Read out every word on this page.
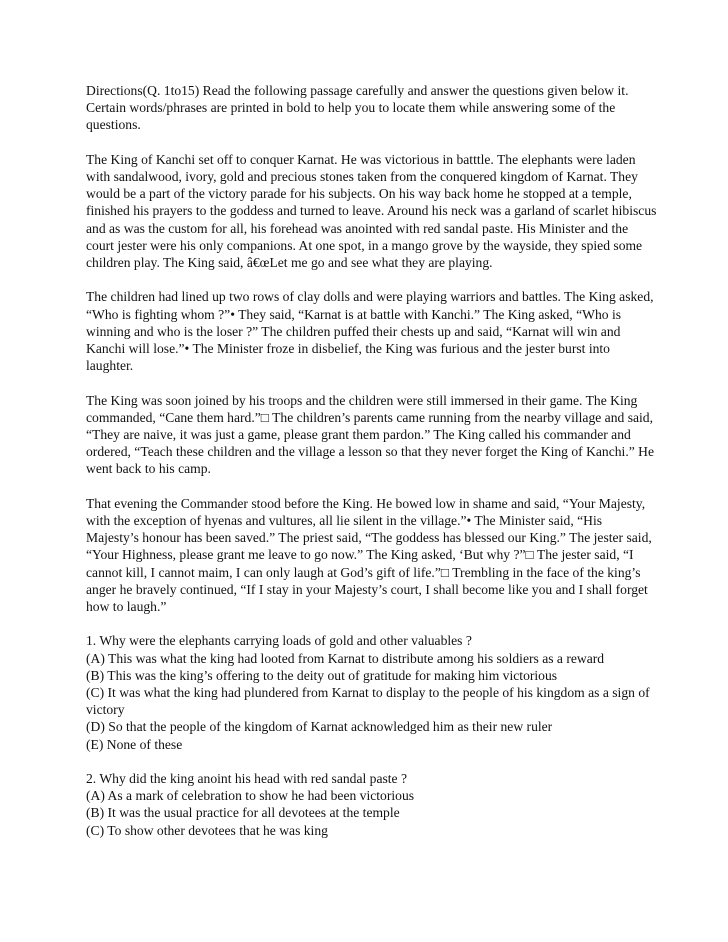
Directions(Q. 1to15) Read the following passage carefully and answer the questions given below it. Certain words/phrases are printed in bold to help you to locate them while answering some of the questions.

The King of Kanchi set off to conquer Karnat. He was victorious in batttle. The elephants were laden with sandalwood, ivory, gold and precious stones taken from the conquered kingdom of Karnat. They would be a part of the victory parade for his subjects. On his way back home he stopped at a temple, finished his prayers to the goddess and turned to leave. Around his neck was a garland of scarlet hibiscus and as was the custom for all, his forehead was anointed with red sandal paste. His Minister and the court jester were his only companions. At one spot, in a mango grove by the wayside, they spied some children play. The King said, â€œLet me go and see what they are playing.

The children had lined up two rows of clay dolls and were playing warriors and battles. The King asked, “Who is fighting whom ?”• They said, “Karnat is at battle with Kanchi.” The King asked, “Who is winning and who is the loser ?” The children puffed their chests up and said, “Karnat will win and Kanchi will lose.”• The Minister froze in disbelief, the King was furious and the jester burst into laughter.

The King was soon joined by his troops and the children were still immersed in their game. The King commanded, “Cane them hard.”□ The children’s parents came running from the nearby village and said, “They are naive, it was just a game, please grant them pardon.” The King called his commander and ordered, “Teach these children and the village a lesson so that they never forget the King of Kanchi.” He went back to his camp.

That evening the Commander stood before the King. He bowed low in shame and said, “Your Majesty, with the exception of hyenas and vultures, all lie silent in the village.”• The Minister said, “His Majesty’s honour has been saved.” The priest said, “The goddess has blessed our King.” The jester said, “Your Highness, please grant me leave to go now.” The King asked, ‘But why ?”□ The jester said, “I cannot kill, I cannot maim, I can only laugh at God’s gift of life.”□ Trembling in the face of the king’s anger he bravely continued, “If I stay in your Majesty’s court, I shall become like you and I shall forget how to laugh.”

1. Why were the elephants carrying loads of gold and other valuables ?

(A) This was what the king had looted from Karnat to distribute among his soldiers as a reward

(B) This was the king’s offering to the deity out of gratitude for making him victorious

(C) It was what the king had plundered from Karnat to display to the people of his kingdom as a sign of victory

(D) So that the people of the kingdom of Karnat acknowledged him as their new ruler

(E) None of these

2. Why did the king anoint his head with red sandal paste ?

(A) As a mark of celebration to show he had been victorious

(B) It was the usual practice for all devotees at the temple

(C) To show other devotees that he was king
